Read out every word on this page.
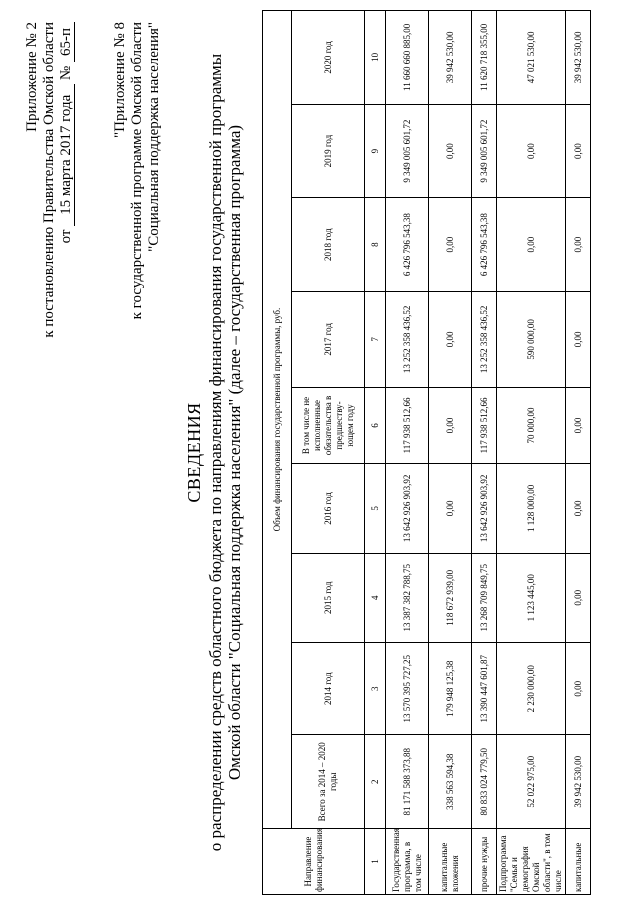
Приложение № 2 к постановлению Правительства Омской области от 15 марта 2017 года № 65-п	"Приложение № 8 к государственной программе Омской области "Социальная поддержка населения"
СВЕДЕНИЯ о распределении средств областного бюджета по направлениям финансирования государственной программы Омской области "Социальная поддержка населения" (далее – государственная программа)
Направление финансирования	Объем финансирования государственной программы, руб.								
	Всего за 2014 – 2020 годы	2014 год	2015 год	2016 год	В том числе не исполненные обязательства в предшеству-ющем году	2017 год	2018 год	2019 год	2020 год
1	2	3	4	5	6	7	8	9	10
Государственная программа, в том числе	81 171 588 373,88	13 570 395 727,25	13 387 382 788,75	13 642 926 903,92	117 938 512,66	13 252 358 436,52	6 426 796 543,38	9 349 005 601,72	11 660 660 885,00
капитальные вложения	338 563 594,38	179 948 125,38	118 672 939,00	0,00	0,00	0,00	0,00	0,00	39 942 530,00
прочие нужды	80 833 024 779,50	13 390 447 601,87	13 268 709 849,75	13 642 926 903,92	117 938 512,66	13 252 358 436,52	6 426 796 543,38	9 349 005 601,72	11 620 718 355,00
Подпрограмма "Семья и демография Омской области", в том числе	52 022 975,00	2 230 000,00	1 123 445,00	1 128 000,00	70 000,00	590 000,00	0,00	0,00	47 021 530,00
капитальные	39 942 530,00	0,00	0,00	0,00	0,00	0,00	0,00	0,00	39 942 530,00
